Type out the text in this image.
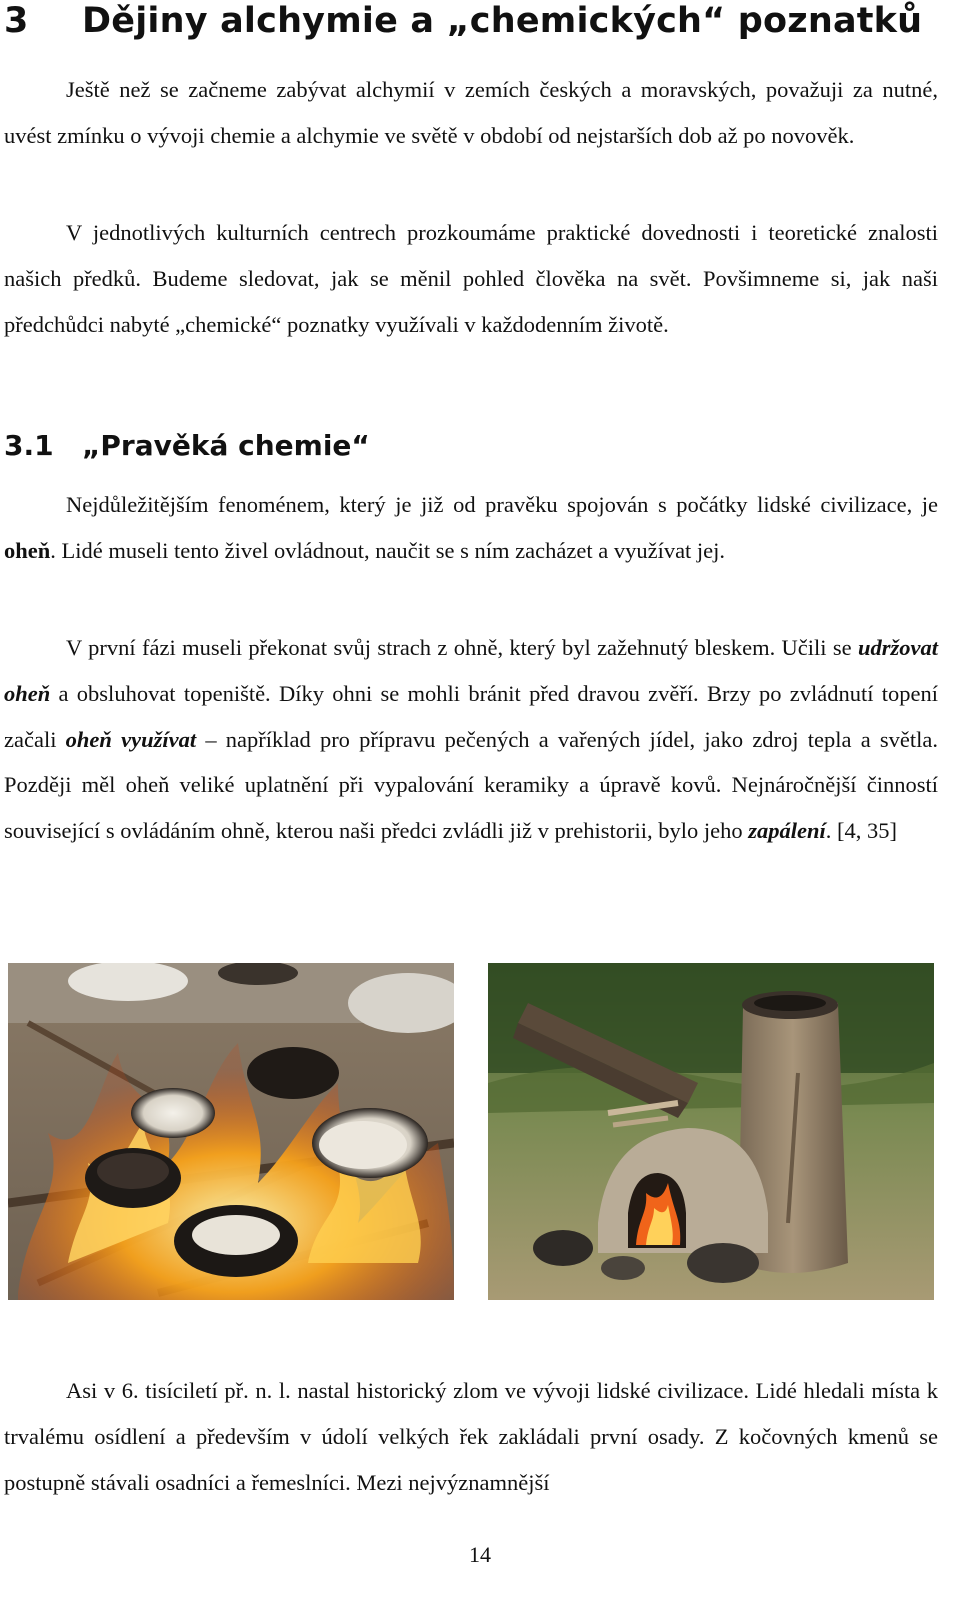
3 Dějiny alchymie a „chemických“ poznatků

Ještě než se začneme zabývat alchymií v zemích českých a moravských, považuji za nutné, uvést zmínku o vývoji chemie a alchymie ve světě v období od nejstarších dob až po novověk.

V jednotlivých kulturních centrech prozkoumáme praktické dovednosti i teoretické znalosti našich předků. Budeme sledovat, jak se měnil pohled člověka na svět. Povšimneme si, jak naši předchůdci nabyté „chemické“ poznatky využívali v každodenním životě.

3.1 „Pravěká chemie“

Nejdůležitějším fenoménem, který je již od pravěku spojován s počátky lidské civilizace, je oheň. Lidé museli tento živel ovládnout, naučit se s ním zacházet a využívat jej.

V první fázi museli překonat svůj strach z ohně, který byl zažehnutý bleskem. Učili se udržovat oheň a obsluhovat topeniště. Díky ohni se mohli bránit před dravou zvěří. Brzy po zvládnutí topení začali oheň využívat – například pro přípravu pečených a vařených jídel, jako zdroj tepla a světla. Později měl oheň veliké uplatnění při vypalování keramiky a úpravě kovů. Nejnáročnější činností související s ovládáním ohně, kterou naši předci zvládli již v prehistorii, bylo jeho zapálení. [4, 35]

Asi v 6. tisíciletí př. n. l. nastal historický zlom ve vývoji lidské civilizace. Lidé hledali místa k trvalému osídlení a především v údolí velkých řek zakládali první osady. Z kočovných kmenů se postupně stávali osadníci a řemeslníci. Mezi nejvýznamnější

14
